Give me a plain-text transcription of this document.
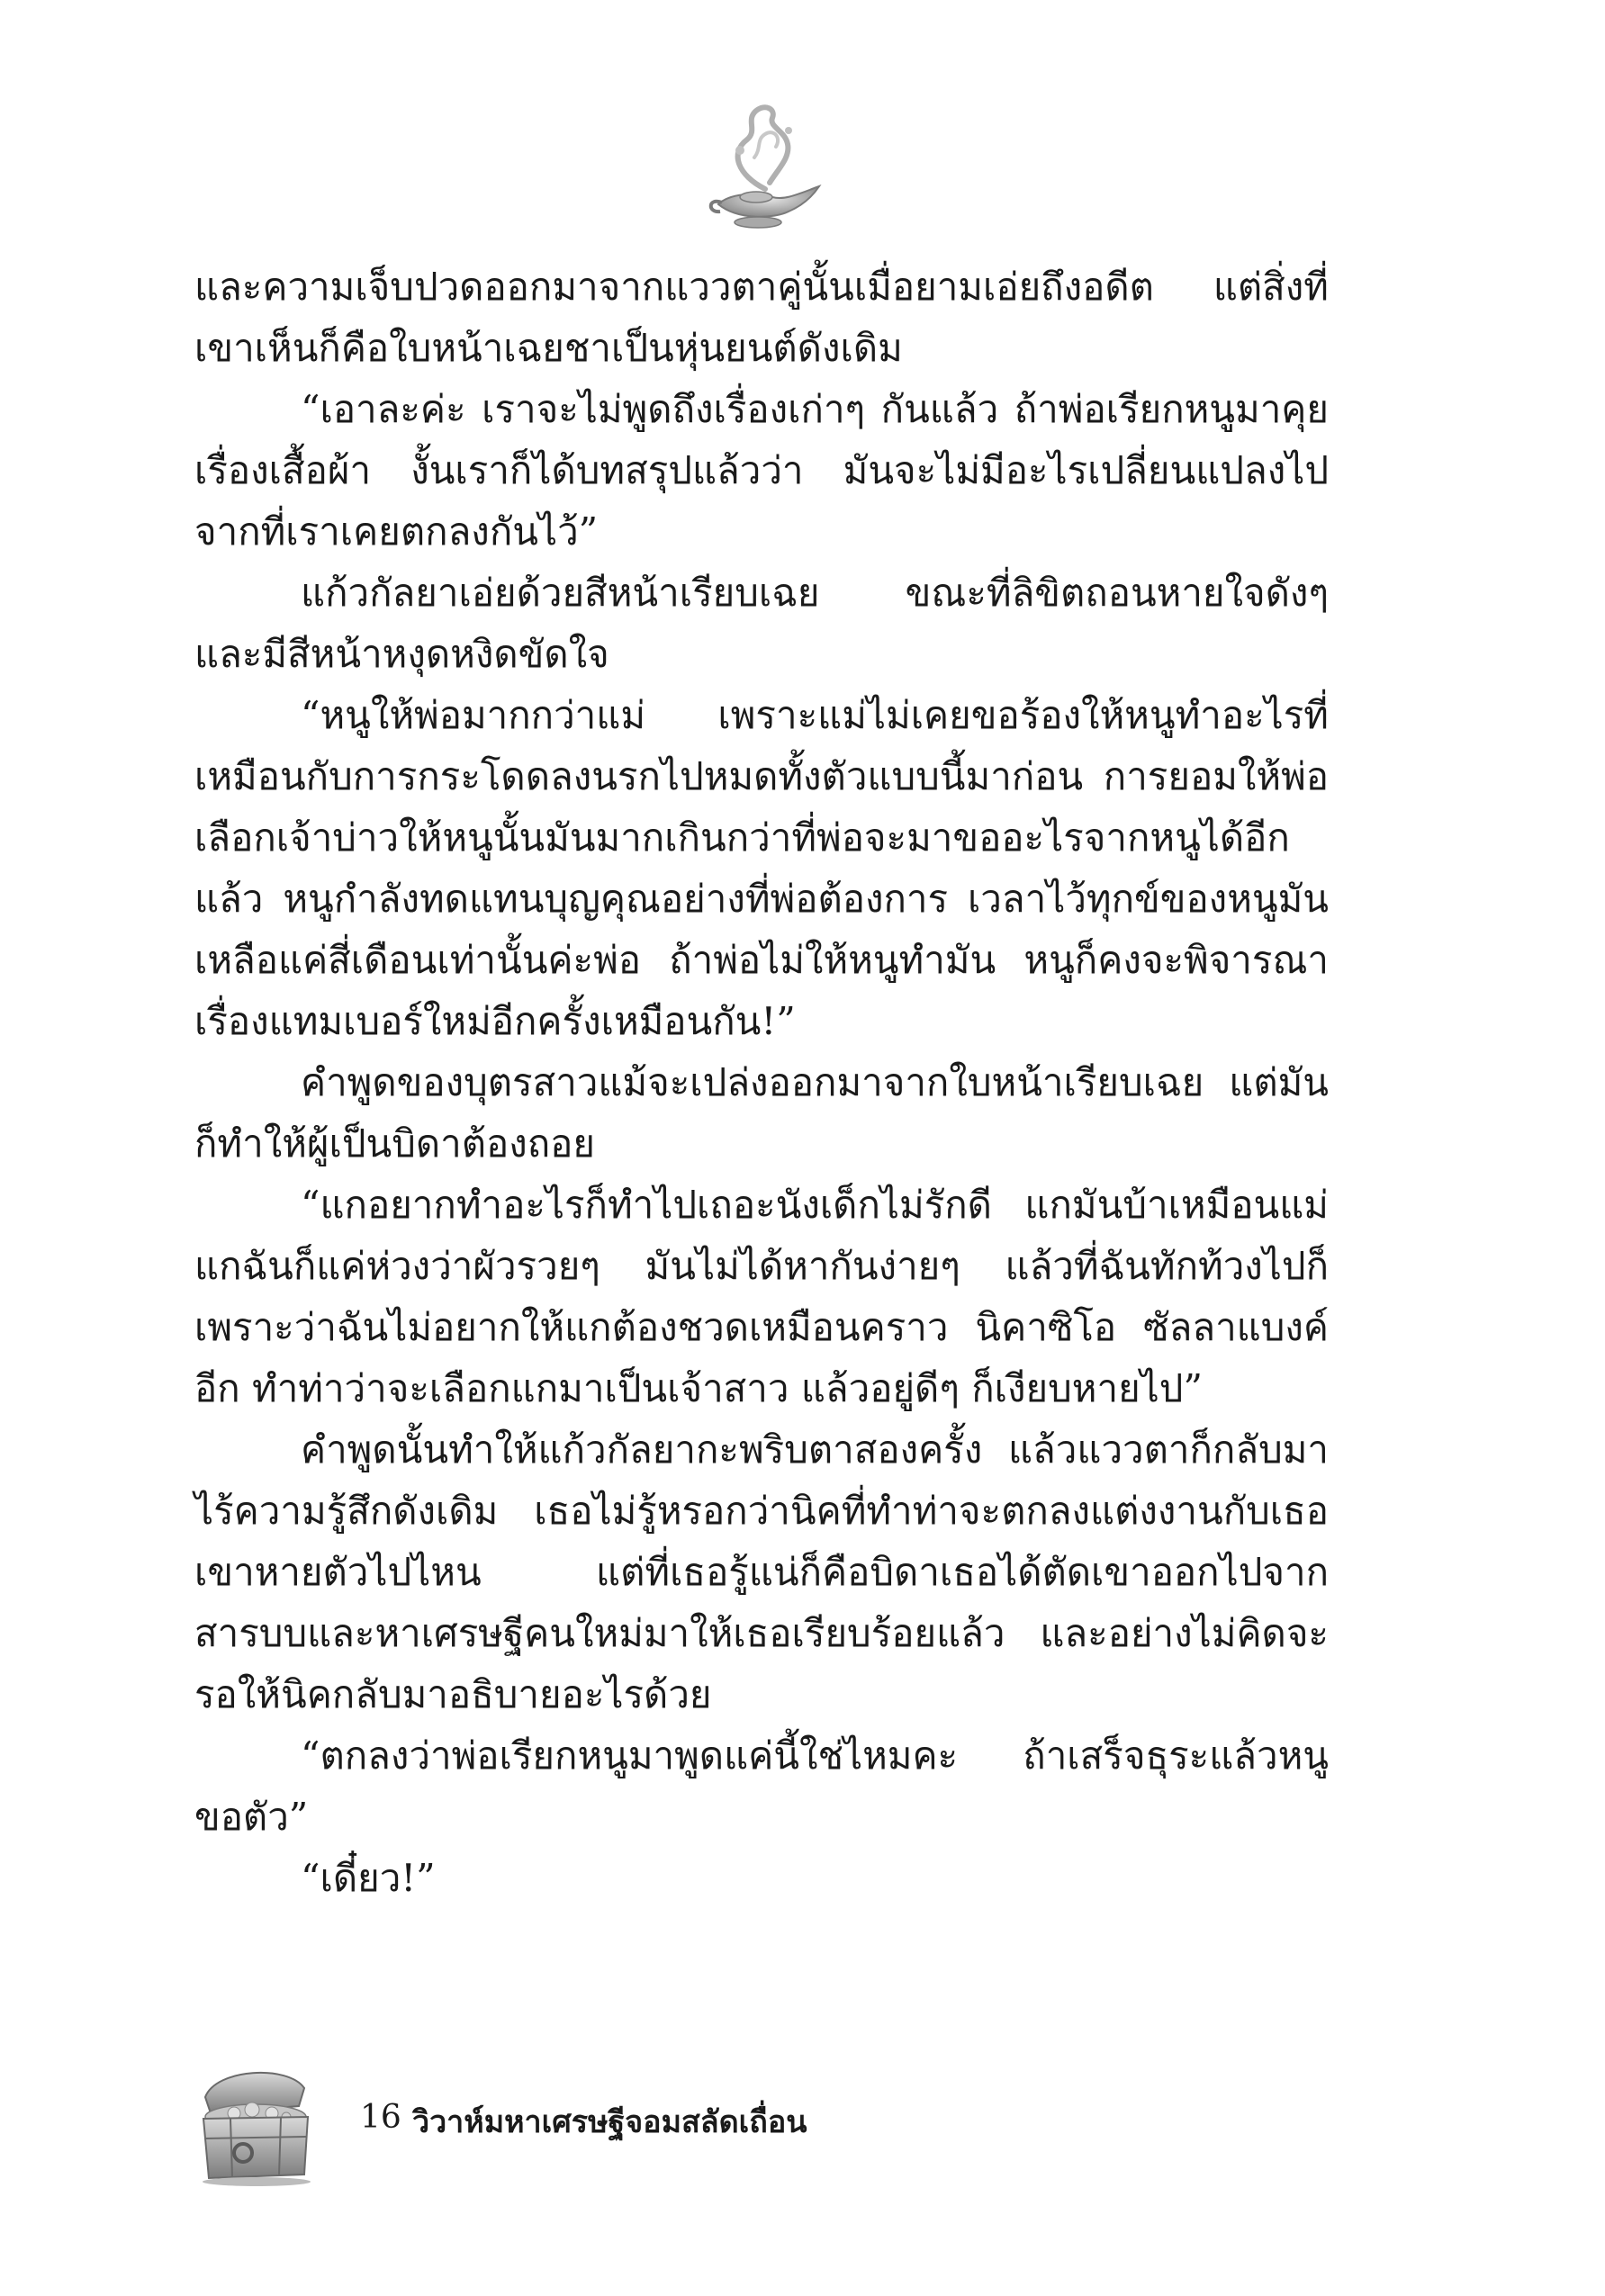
และความเจ็บปวดออกมาจากแววตาคู่นั้นเมื่อยามเอ่ยถึงอดีต แต่สิ่งที่เขาเห็นก็คือใบหน้าเฉยชาเป็นหุ่นยนต์ดังเดิม

“เอาละค่ะ เราจะไม่พูดถึงเรื่องเก่าๆ กันแล้ว ถ้าพ่อเรียกหนูมาคุยเรื่องเสื้อผ้า งั้นเราก็ได้บทสรุปแล้วว่า มันจะไม่มีอะไรเปลี่ยนแปลงไปจากที่เราเคยตกลงกันไว้”

แก้วกัลยาเอ่ยด้วยสีหน้าเรียบเฉย ขณะที่ลิขิตถอนหายใจดังๆ และมีสีหน้าหงุดหงิดขัดใจ

“หนูให้พ่อมากกว่าแม่ เพราะแม่ไม่เคยขอร้องให้หนูทำอะไรที่เหมือนกับการกระโดดลงนรกไปหมดทั้งตัวแบบนี้มาก่อน การยอมให้พ่อเลือกเจ้าบ่าวให้หนูนั้นมันมากเกินกว่าที่พ่อจะมาขออะไรจากหนูได้อีกแล้ว หนูกำลังทดแทนบุญคุณอย่างที่พ่อต้องการ เวลาไว้ทุกข์ของหนูมันเหลือแค่สี่เดือนเท่านั้นค่ะพ่อ ถ้าพ่อไม่ให้หนูทำมัน หนูก็คงจะพิจารณาเรื่องแทมเบอร์ใหม่อีกครั้งเหมือนกัน!”

คำพูดของบุตรสาวแม้จะเปล่งออกมาจากใบหน้าเรียบเฉย แต่มันก็ทำให้ผู้เป็นบิดาต้องถอย

“แกอยากทำอะไรก็ทำไปเถอะนังเด็กไม่รักดี แกมันบ้าเหมือนแม่แกฉันก็แค่ห่วงว่าผัวรวยๆ มันไม่ได้หากันง่ายๆ แล้วที่ฉันทักท้วงไปก็เพราะว่าฉันไม่อยากให้แกต้องชวดเหมือนคราว นิคาซิโอ ซัลลาแบงค์ อีก ทำท่าว่าจะเลือกแกมาเป็นเจ้าสาว แล้วอยู่ดีๆ ก็เงียบหายไป”

คำพูดนั้นทำให้แก้วกัลยากะพริบตาสองครั้ง แล้วแววตาก็กลับมาไร้ความรู้สึกดังเดิม เธอไม่รู้หรอกว่านิคที่ทำท่าจะตกลงแต่งงานกับเธอเขาหายตัวไปไหน แต่ที่เธอรู้แน่ก็คือบิดาเธอได้ตัดเขาออกไปจากสารบบและหาเศรษฐีคนใหม่มาให้เธอเรียบร้อยแล้ว และอย่างไม่คิดจะรอให้นิคกลับมาอธิบายอะไรด้วย

“ตกลงว่าพ่อเรียกหนูมาพูดแค่นี้ใช่ไหมคะ ถ้าเสร็จธุระแล้วหนูขอตัว”

“เดี๋ยว!”

16 วิวาห์มหาเศรษฐีจอมสลัดเถื่อน
